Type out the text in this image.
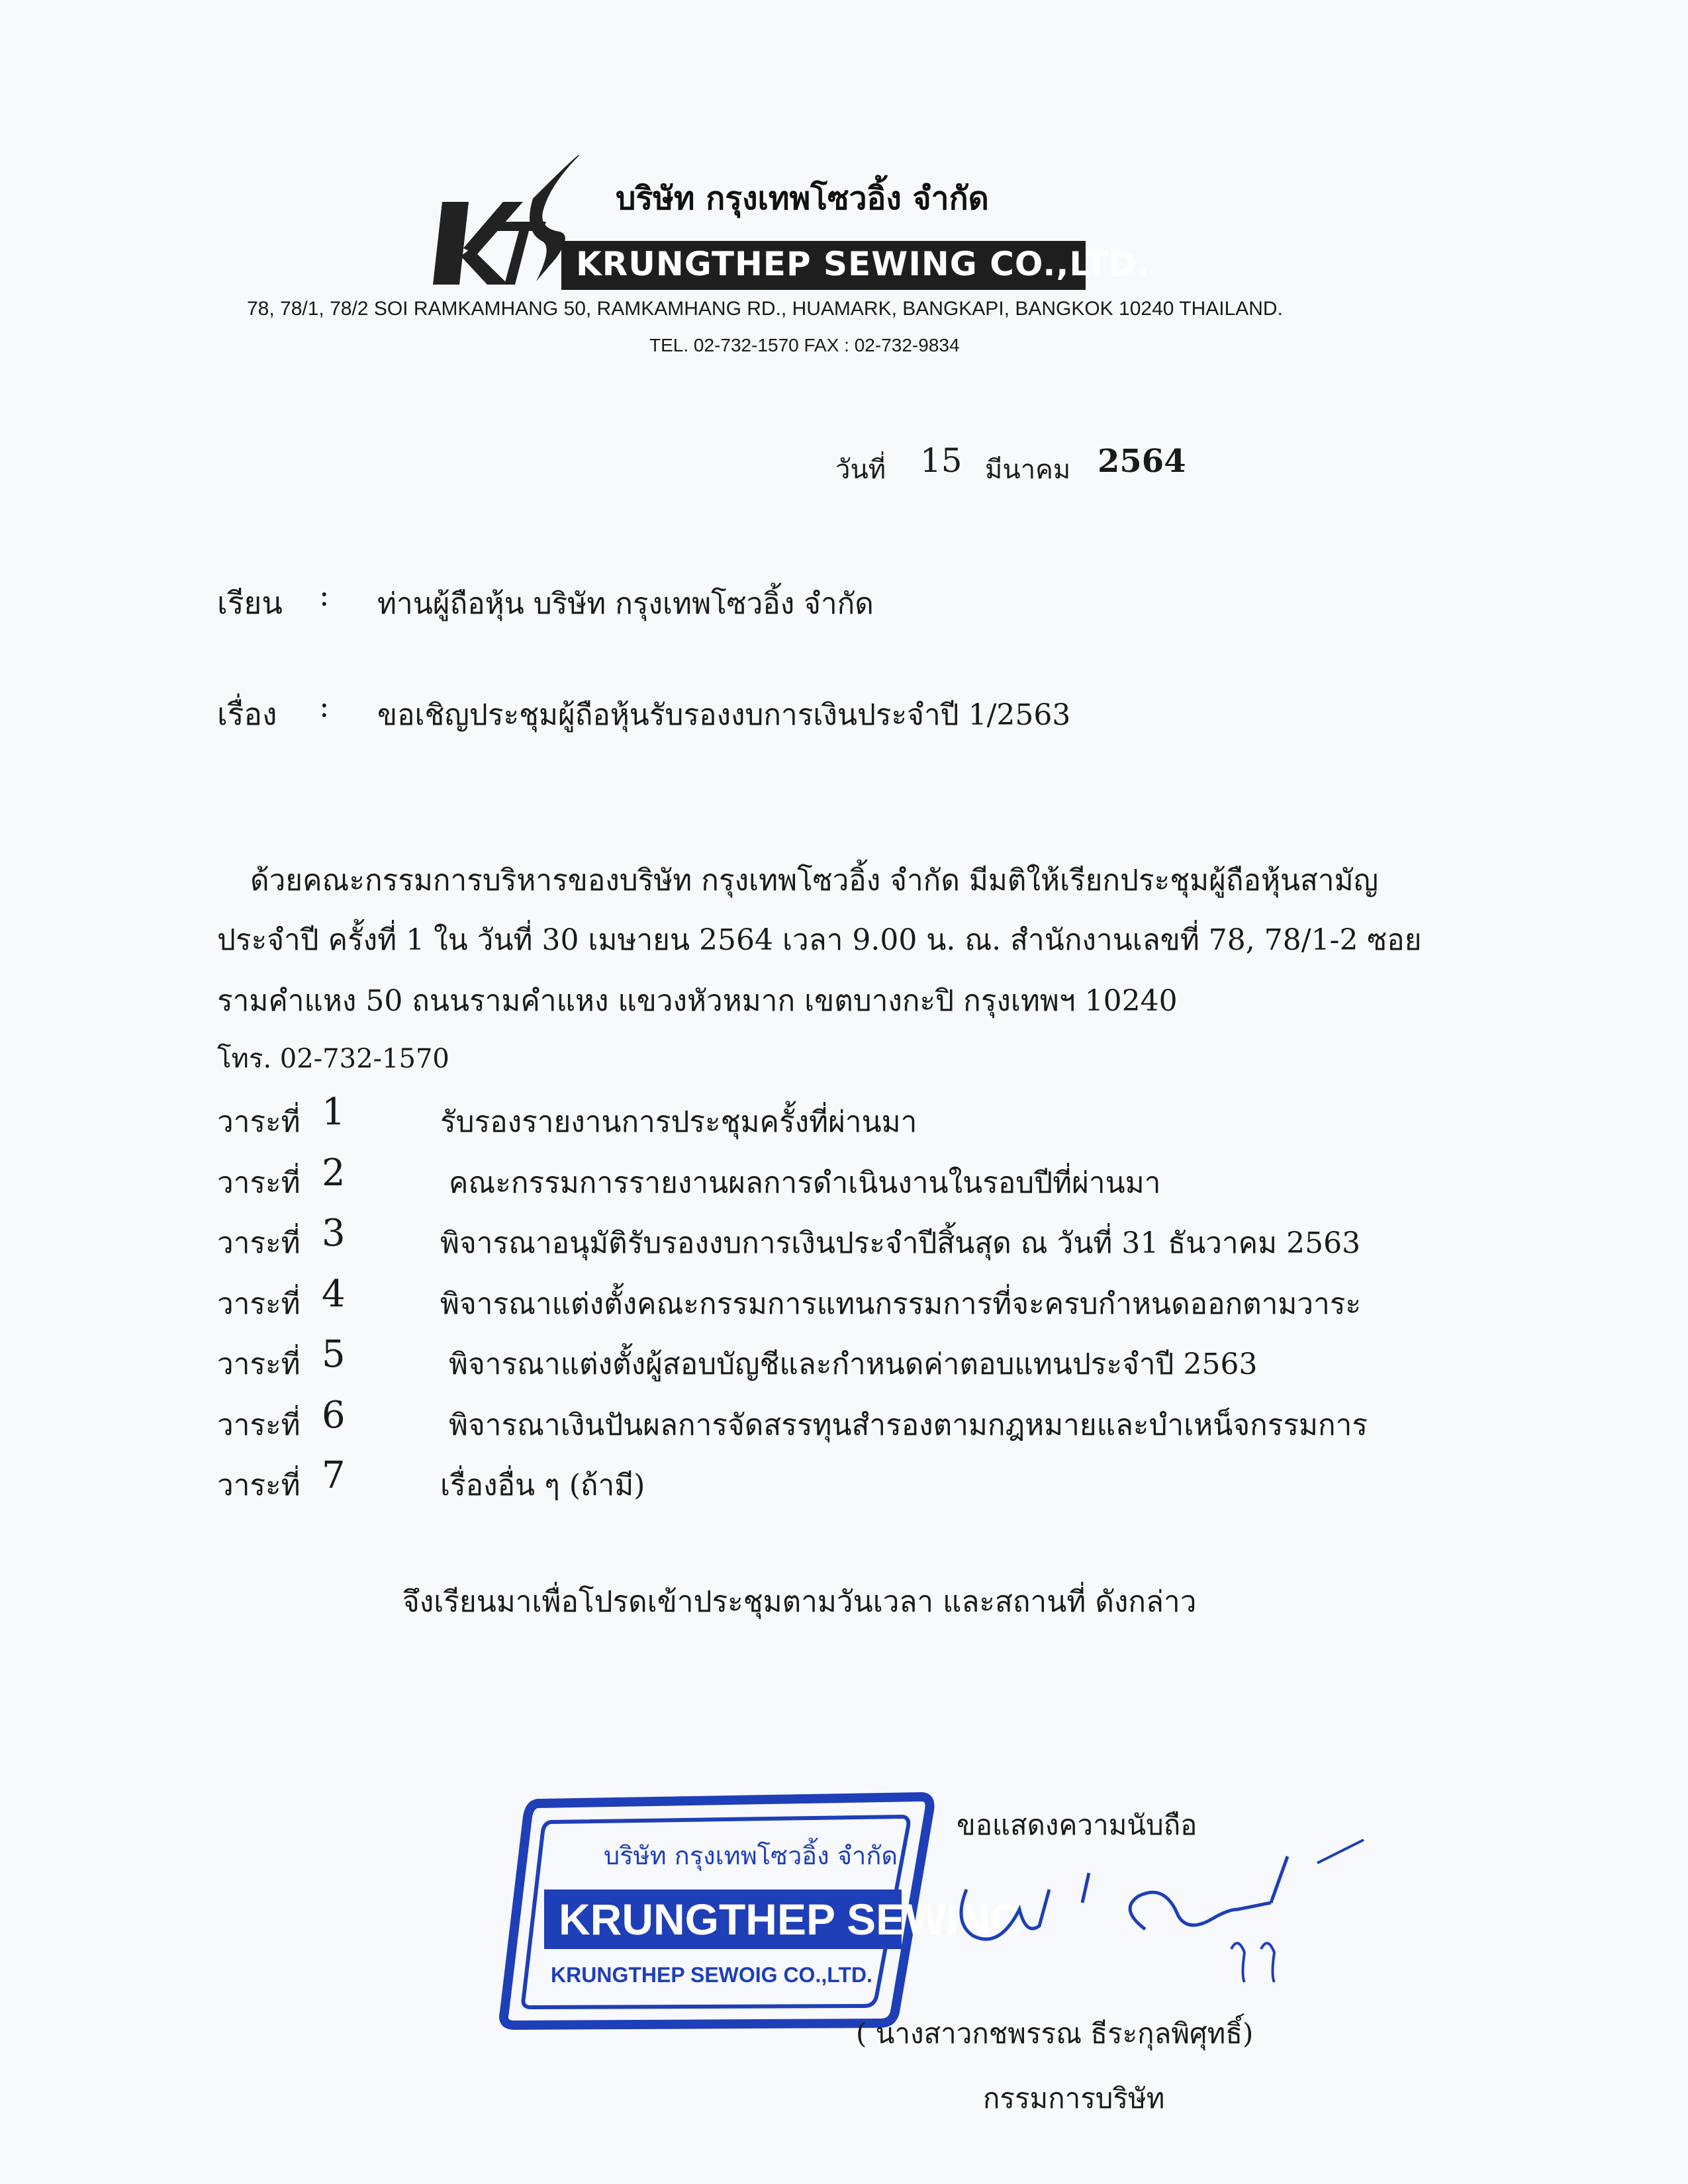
บริษัท กรุงเทพโซวอิ้ง จำกัด
KRUNGTHEP SEWING CO.,LTD.
78, 78/1, 78/2 SOI RAMKAMHANG 50, RAMKAMHANG RD., HUAMARK, BANGKAPI, BANGKOK 10240 THAILAND.
TEL. 02-732-1570 FAX : 02-732-9834
วันที่ 15 มีนาคม 2564
เรียน : ท่านผู้ถือหุ้น บริษัท กรุงเทพโซวอิ้ง จำกัด
เรื่อง : ขอเชิญประชุมผู้ถือหุ้นรับรองงบการเงินประจำปี 1/2563
ด้วยคณะกรรมการบริหารของบริษัท กรุงเทพโซวอิ้ง จำกัด มีมติให้เรียกประชุมผู้ถือหุ้นสามัญ
ประจำปี ครั้งที่ 1 ใน วันที่ 30 เมษายน 2564 เวลา 9.00 น. ณ. สำนักงานเลขที่ 78, 78/1-2 ซอย
รามคำแหง 50 ถนนรามคำแหง แขวงหัวหมาก เขตบางกะปิ กรุงเทพฯ 10240
โทร. 02-732-1570
วาระที่ 1	รับรองรายงานการประชุมครั้งที่ผ่านมา
วาระที่ 2	คณะกรรมการรายงานผลการดำเนินงานในรอบปีที่ผ่านมา
วาระที่ 3	พิจารณาอนุมัติรับรองงบการเงินประจำปีสิ้นสุด ณ วันที่ 31 ธันวาคม 2563
วาระที่ 4	พิจารณาแต่งตั้งคณะกรรมการแทนกรรมการที่จะครบกำหนดออกตามวาระ
วาระที่ 5	พิจารณาแต่งตั้งผู้สอบบัญชีและกำหนดค่าตอบแทนประจำปี 2563
วาระที่ 6	พิจารณาเงินปันผลการจัดสรรทุนสำรองตามกฎหมายและบำเหน็จกรรมการ
วาระที่ 7	เรื่องอื่น ๆ (ถ้ามี)
จึงเรียนมาเพื่อโปรดเข้าประชุมตามวันเวลา และสถานที่ ดังกล่าว
ขอแสดงความนับถือ
บริษัท กรุงเทพโซวอิ้ง จำกัด
KRUNGTHEP SEWING
KRUNGTHEP SEWOIG CO.,LTD.
( นางสาวกชพรรณ ธีระกุลพิศุทธิ์)
กรรมการบริษัท
